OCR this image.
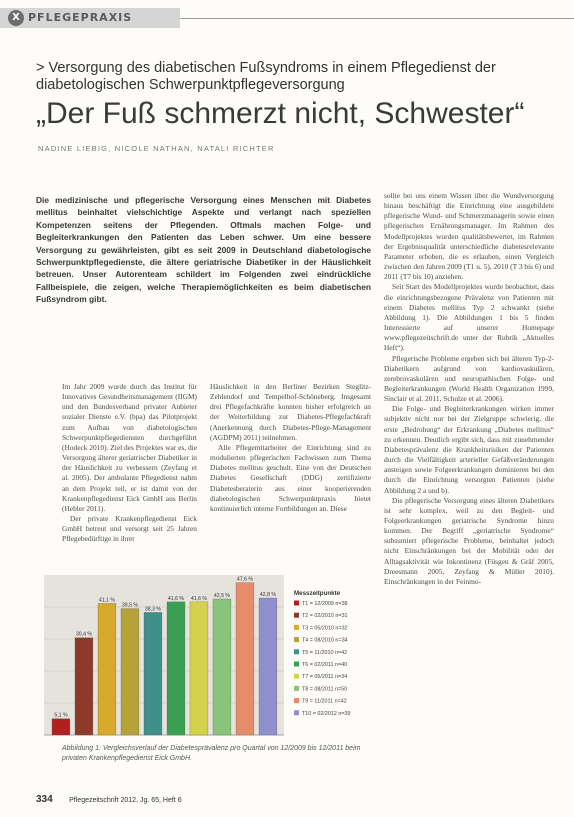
X PFLEGEPRAXIS
> Versorgung des diabetischen Fußsyndroms in einem Pflegedienst der diabetologischen Schwerpunktpflegeversorgung
„Der Fuß schmerzt nicht, Schwester“
NADINE LIEBIG, NICOLE NATHAN, NATALI RICHTER
Die medizinische und pflegerische Versorgung eines Menschen mit Diabetes mellitus beinhaltet vielschichtige Aspekte und verlangt nach speziellen Kompetenzen seitens der Pflegenden. Oftmals machen Folge- und Begleiterkrankungen den Patienten das Leben schwer. Um eine bessere Versorgung zu gewährleisten, gibt es seit 2009 in Deutschland diabetologische Schwerpunktpflegedienste, die ältere geriatrische Diabetiker in der Häuslichkeit betreuen. Unser Autorenteam schildert im Folgenden zwei eindrückliche Fallbeispiele, die zeigen, welche Therapiemöglichkeiten es beim diabetischen Fußsyndrom gibt.

Im Jahr 2009 wurde durch das Institut für Innovatives Gesundheitsmanagement (IIGM) und den Bundesverband privater Anbieter sozialer Dienste e.V. (bpa) das Pilotprojekt zum Aufbau von diabetologischen Schwerpunktpflegediensten durchgeführt (Hodeck 2010). Ziel des Projektes war es, die Versorgung älterer geriatrischer Diabetiker in der Häuslichkeit zu verbessern (Zeyfang et al. 2005). Der ambulante Pflegedienst nahm an dem Projekt teil, er ist damit von der Krankenpflegedienst Eick GmbH aus Berlin (Hebler 2011).

Der private Krankenpflegedienst Eick GmbH betreut und versorgt seit 25 Jahren Pflegebedürftige in ihrer

Häuslichkeit in den Berliner Bezirken Steglitz-Zehlendorf und Tempelhof-Schöneberg. Insgesamt drei Pflegefachkräfte konnten bisher erfolgreich an der Weiterbildung zur Diabetes-Pflegefachkraft (Anerkennung durch Diabetes-Pflege-Management (AGDPM) 2011) teilnehmen.

Alle Pflegemitarbeiter der Einrichtung sind zu modulierten pflegerischen Fachwissen zum Thema Diabetes mellitus geschult. Eine von der Deutschen Diabetes Gesellschaft (DDG) zertifizierte Diabetesberaterin aus einer kooperierenden diabetologischen Schwerpunktpraxis bietet kontinuierlich interne Fortbildungen an. Diese

sollte bei uns einem Wissen über die Wundversorgung hinaus beschäftigt die Einrichtung eine ausgebildete pflegerische Wund- und Schmerzmanagerin sowie einen pflegerischen Ernährungsmanager. Im Rahmen des Modellprojektes wurden qualitätsbewertet, im Rahmen der Ergebnisqualität unterschiedliche diabetesrelevante Parameter erhoben, die es erlauben, einen Vergleich zwischen den Jahren 2009 (T1 u. 5), 2010 (T 3 bis 6) und 2011 (T7 bis 10) anziehen.

Seit Start des Modellprojektes wurde beobachtet, dass die einrichtungsbezogene Prävalenz von Patienten mit einem Diabetes mellitus Typ 2 schwankt (siehe Abbildung 1). Die Abbildungen 1 bis 5 finden Interessierte auf unserer Homepage www.pflegezeitschrift.de unter der Rubrik „Aktuelles Heft“).

Pflegerische Probleme ergeben sich bei älteren Typ-2-Diabetikern aufgrund von kardiovaskulären, zerebrovaskulären und neuropathischen Folge- und Begleiterkrankungen (World Health Organization 1999, Sinclair et al. 2011, Schulze et al. 2006).

Die Folge- und Begleiterkrankungen wirken immer subjektiv nicht nur bei der Zielgruppe schwierig, die erste „Bedrohung“ der Erkrankung „Diabetes mellitus“ zu erkennen. Deutlich ergibt sich, dass mit zunehmender Diabetesprävalenz die Krankheitsrisiken der Patienten durch die Vielfältigkeit arterieller Gefäßveränderungen ansteigen sowie Folgeerkrankungen dominieren bei den durch die Einrichtung versorgten Patienten (siehe Abbildung 2 a und b).

Die pflegerische Versorgung eines älteren Diabetikers ist sehr komplex, weil zu den Begleit- und Folgeerkrankungen geriatrische Syndrome hinzu kommen. Der Begriff „geriatrische Syndrome“ subsumiert pflegerische Probleme, beinhaltet jedoch nicht Einschränkungen bei der Mobilität oder der Alltagsaktivität wie Inkontinenz (Füsgen & Gräf 2005, Dreesmann 2005, Zeyfang & Müller 2010). Einschränkungen in der Feinmo-

5,1 %
30,4 %
41,1 %
39,5 %
38,3 %
41,6 % 41,6 % 42,5 %
47,6 %
42,8 %	Messzeitpunkte
T1 = 12/2009 n=38
T2 = 02/2010 n=31
T3 = 05/2010 n=32
T4 = 08/2010 n=34
T5 = 11/2010 n=42
T6 = 02/2011 n=40
T7 = 05/2011 n=34
T8 = 08/2011 n=50
T9 = 11/2011 n=42
T10 = 02/2012 n=39
Abbildung 1: Vergleichsverlauf der Diabetesprävalenz pro Quartal von 12/2009 bis 12/2011 beim privaten Krankenpflegedienst Eick GmbH.
334 Pflegezeitschrift 2012, Jg. 65, Heft 6
